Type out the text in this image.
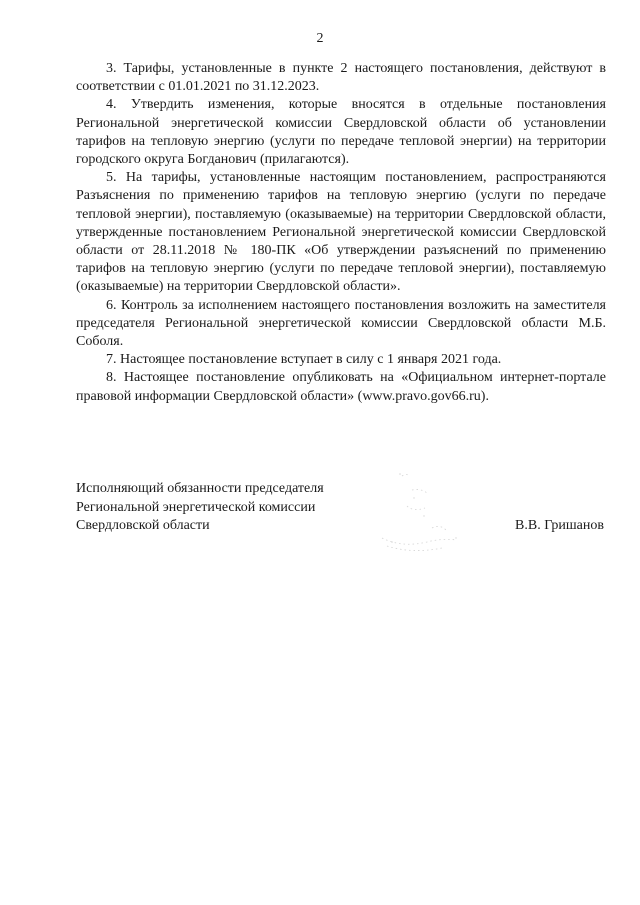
2

3. Тарифы, установленные в пункте 2 настоящего постановления, действуют в соответствии с 01.01.2021 по 31.12.2023.

4. Утвердить изменения, которые вносятся в отдельные постановления Региональной энергетической комиссии Свердловской области об установлении тарифов на тепловую энергию (услуги по передаче тепловой энергии) на территории городского округа Богданович (прилагаются).

5. На тарифы, установленные настоящим постановлением, распространяются Разъяснения по применению тарифов на тепловую энергию (услуги по передаче тепловой энергии), поставляемую (оказываемые) на территории Свердловской области, утвержденные постановлением Региональной энергетической комиссии Свердловской области от 28.11.2018 № 180-ПК «Об утверждении разъяснений по применению тарифов на тепловую энергию (услуги по передаче тепловой энергии), поставляемую (оказываемые) на территории Свердловской области».

6. Контроль за исполнением настоящего постановления возложить на заместителя председателя Региональной энергетической комиссии Свердловской области М.Б. Соболя.

7. Настоящее постановление вступает в силу с 1 января 2021 года.

8. Настоящее постановление опубликовать на «Официальном интернет-портале правовой информации Свердловской области» (www.pravo.gov66.ru).

Исполняющий обязанности председателя
Региональной энергетической комиссии
Свердловской области	В.В. Гришанов
